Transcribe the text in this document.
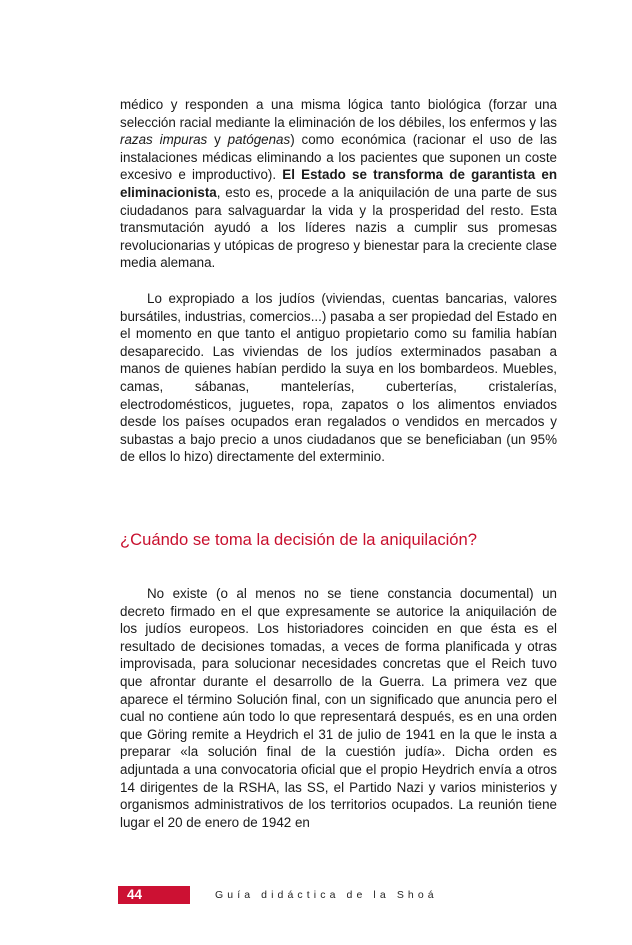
médico y responden a una misma lógica tanto biológica (forzar una selección racial mediante la eliminación de los débiles, los enfermos y las razas impuras y patógenas) como económica (racionar el uso de las instalaciones médicas eliminando a los pacientes que suponen un coste excesivo e improductivo). El Estado se transforma de garantista en eliminacionista, esto es, procede a la aniquilación de una parte de sus ciudadanos para salvaguardar la vida y la prosperidad del resto. Esta transmutación ayudó a los líderes nazis a cumplir sus promesas revolucionarias y utópicas de progreso y bienestar para la creciente clase media alemana.

Lo expropiado a los judíos (viviendas, cuentas bancarias, valores bursátiles, industrias, comercios...) pasaba a ser propiedad del Estado en el momento en que tanto el antiguo propietario como su familia habían desaparecido. Las viviendas de los judíos exterminados pasaban a manos de quienes habían perdido la suya en los bombardeos. Muebles, camas, sábanas, mantelerías, cuberterías, cristalerías, electrodomésticos, juguetes, ropa, zapatos o los alimentos enviados desde los países ocupados eran regalados o vendidos en mercados y subastas a bajo precio a unos ciudadanos que se beneficiaban (un 95% de ellos lo hizo) directamente del exterminio.

¿Cuándo se toma la decisión de la aniquilación?

No existe (o al menos no se tiene constancia documental) un decreto firmado en el que expresamente se autorice la aniquilación de los judíos europeos. Los historiadores coinciden en que ésta es el resultado de decisiones tomadas, a veces de forma planificada y otras improvisada, para solucionar necesidades concretas que el Reich tuvo que afrontar durante el desarrollo de la Guerra. La primera vez que aparece el término Solución final, con un significado que anuncia pero el cual no contiene aún todo lo que representará después, es en una orden que Göring remite a Heydrich el 31 de julio de 1941 en la que le insta a preparar «la solución final de la cuestión judía». Dicha orden es adjuntada a una convocatoria oficial que el propio Heydrich envía a otros 14 dirigentes de la RSHA, las SS, el Partido Nazi y varios ministerios y organismos administrativos de los territorios ocupados. La reunión tiene lugar el 20 de enero de 1942 en

44	Guía didáctica de la Shoá
